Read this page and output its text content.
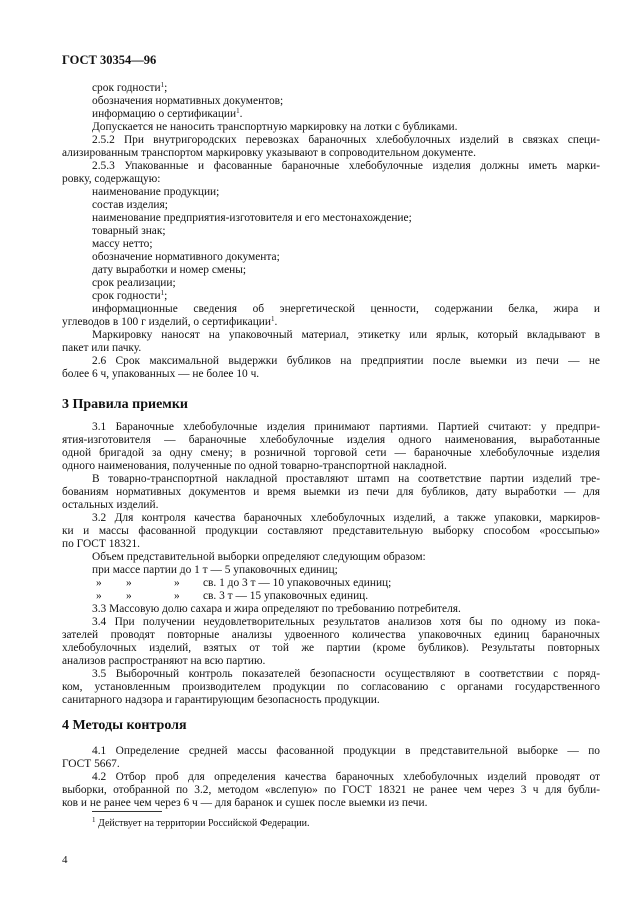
ГОСТ 30354—96
срок годности$^1$;
обозначения нормативных документов;
информацию о сертификации$^1$.
Допускается не наносить транспортную маркировку на лотки с бубликами.
2.5.2 При внутригородских перевозках бараночных хлебобулочных изделий в связках специ-
ализированным транспортом маркировку указывают в сопроводительном документе.
2.5.3 Упакованные и фасованные бараночные хлебобулочные изделия должны иметь марки-
ровку, содержащую:
наименование продукции;
состав изделия;
наименование предприятия-изготовителя и его местонахождение;
товарный знак;
массу нетто;
обозначение нормативного документа;
дату выработки и номер смены;
срок реализации;
срок годности$^1$;
информационные сведения об энергетической ценности, содержании белка, жира и
углеводов в 100 г изделий, о сертификации$^1$.
Маркировку наносят на упаковочный материал, этикетку или ярлык, который вкладывают в
пакет или пачку.
2.6 Срок максимальной выдержки бубликов на предприятии после выемки из печи — не
более 6 ч, упакованных — не более 10 ч.
3 Правила приемки
3.1 Бараночные хлебобулочные изделия принимают партиями. Партией считают: у предпри-
ятия-изготовителя — бараночные хлебобулочные изделия одного наименования, выработанные
одной бригадой за одну смену; в розничной торговой сети — бараночные хлебобулочные изделия
одного наименования, полученные по одной товарно-транспортной накладной.
В товарно-транспортной накладной проставляют штамп на соответствие партии изделий тре-
бованиям нормативных документов и время выемки из печи для бубликов, дату выработки — для
остальных изделий.
3.2 Для контроля качества бараночных хлебобулочных изделий, а также упаковки, маркиров-
ки и массы фасованной продукции составляют представительную выборку способом «россыпью»
по ГОСТ 18321.
Объем представительной выборки определяют следующим образом:
при массе партии до 1 т — 5 упаковочных единиц;
» »	» св. 1 до 3 т — 10 упаковочных единиц;
» »	» св. 3 т — 15 упаковочных единиц.
3.3 Массовую долю сахара и жира определяют по требованию потребителя.
3.4 При получении неудовлетворительных результатов анализов хотя бы по одному из пока-
зателей проводят повторные анализы удвоенного количества упаковочных единиц бараночных
хлебобулочных изделий, взятых от той же партии (кроме бубликов). Результаты повторных
анализов распространяют на всю партию.
3.5 Выборочный контроль показателей безопасности осуществляют в соответствии с поряд-
ком, установленным производителем продукции по согласованию с органами государственного
санитарного надзора и гарантирующим безопасность продукции.
4 Методы контроля
4.1 Определение средней массы фасованной продукции в представительной выборке — по
ГОСТ 5667.
4.2 Отбор проб для определения качества бараночных хлебобулочных изделий проводят от
выборки, отобранной по 3.2, методом «вслепую» по ГОСТ 18321 не ранее чем через 3 ч для бубли-
ков и не ранее чем через 6 ч — для баранок и сушек после выемки из печи.
$^1$ Действует на территории Российской Федерации.
4
